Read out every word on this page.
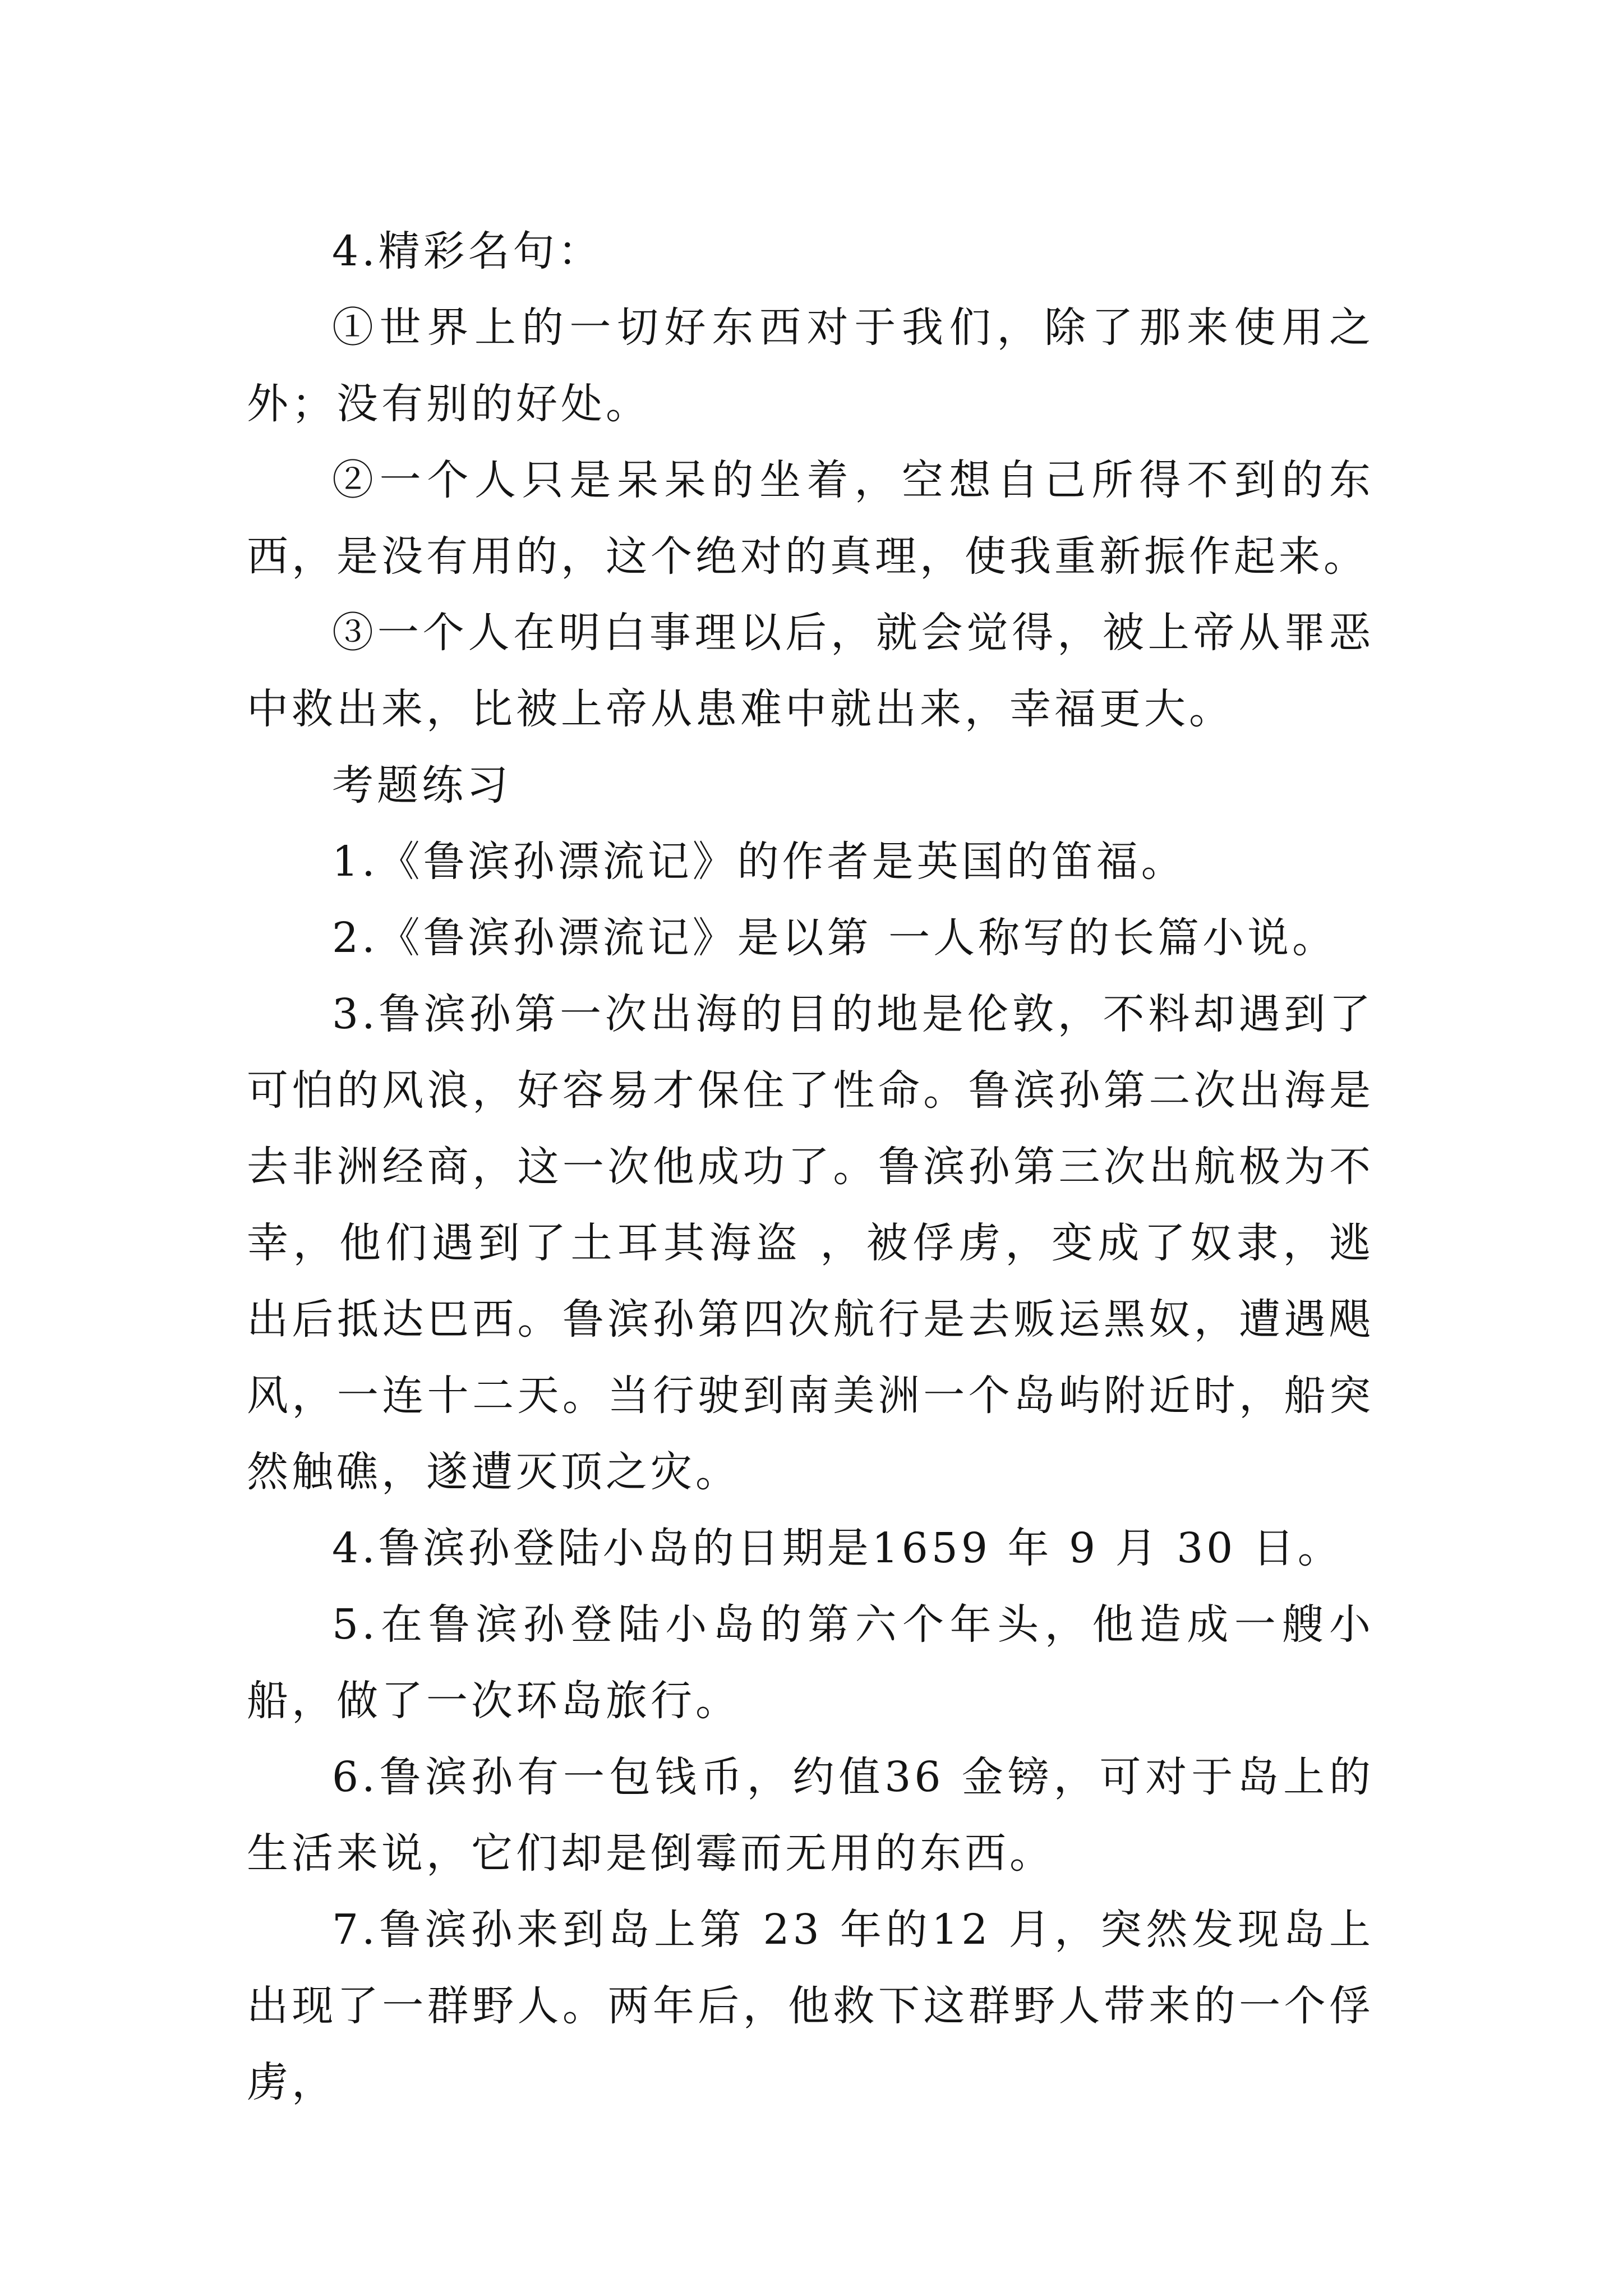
4.精彩名句：

①世界上的一切好东西对于我们，除了那来使用之外；没有别的好处。

②一个人只是呆呆的坐着，空想自己所得不到的东西，是没有用的，这个绝对的真理，使我重新振作起来。

③一个人在明白事理以后，就会觉得，被上帝从罪恶中救出来，比被上帝从患难中就出来，幸福更大。

考题练习

1.《鲁滨孙漂流记》的作者是英国的笛福。

2.《鲁滨孙漂流记》是以第 一人称写的长篇小说。

3.鲁滨孙第一次出海的目的地是伦敦，不料却遇到了可怕的风浪，好容易才保住了性命。鲁滨孙第二次出海是去非洲经商，这一次他成功了。鲁滨孙第三次出航极为不幸，他们遇到了土耳其海盗 ，被俘虏，变成了奴隶，逃出后抵达巴西。鲁滨孙第四次航行是去贩运黑奴，遭遇飓风，一连十二天。当行驶到南美洲一个岛屿附近时，船突然触礁，遂遭灭顶之灾。

4.鲁滨孙登陆小岛的日期是1659 年 9 月 30 日。

5.在鲁滨孙登陆小岛的第六个年头，他造成一艘小船，做了一次环岛旅行。

6.鲁滨孙有一包钱币，约值36 金镑，可对于岛上的生活来说，它们却是倒霉而无用的东西。

7.鲁滨孙来到岛上第 23 年的12 月，突然发现岛上出现了一群野人。两年后，他救下这群野人带来的一个俘虏，
